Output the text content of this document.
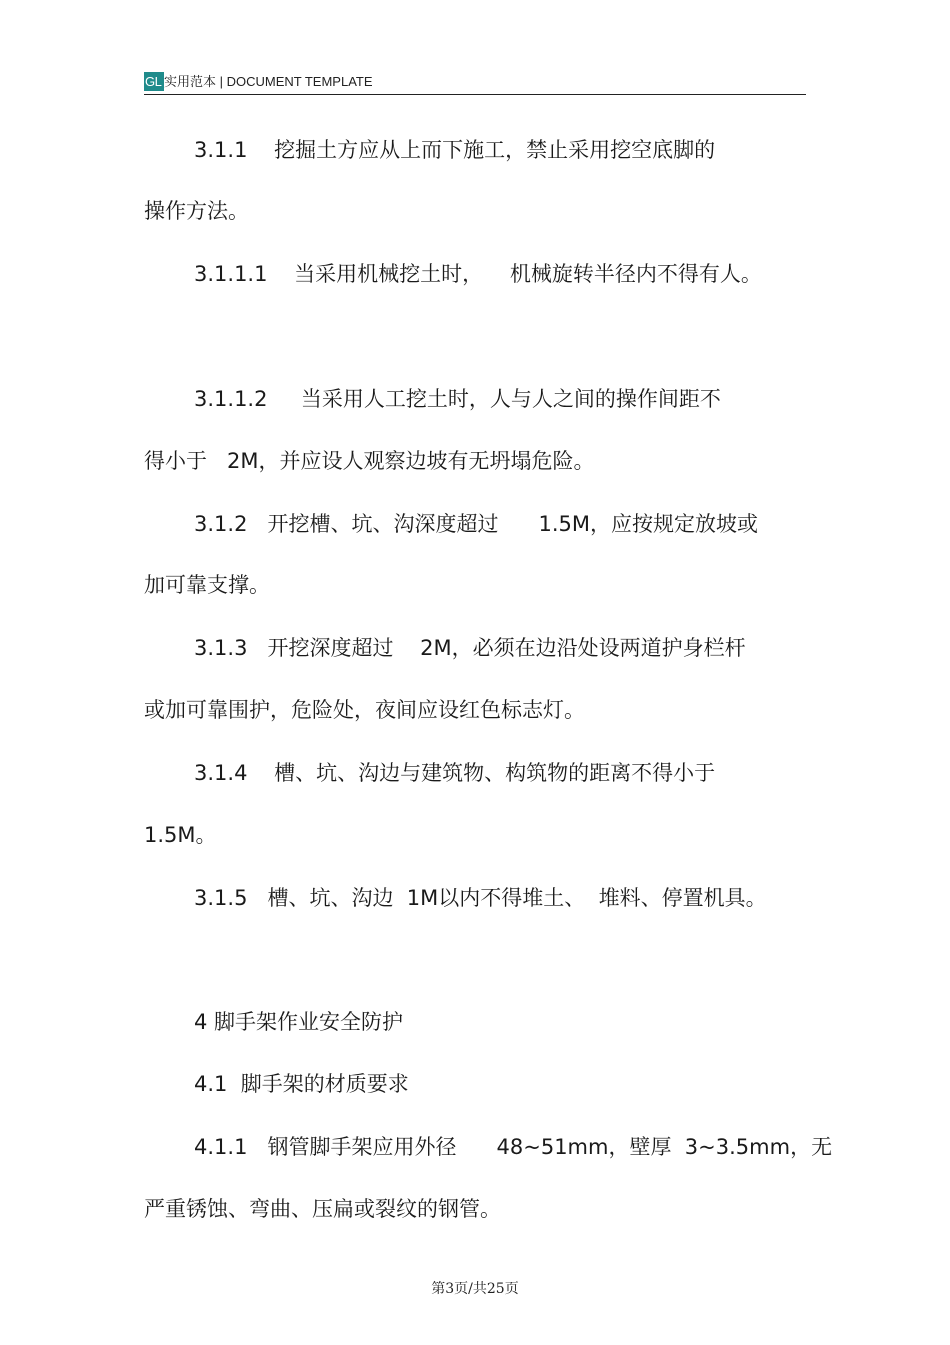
GL 实用范本 | DOCUMENT TEMPLATE
3.1.1    挖掘土方应从上而下施工，禁止采用挖空底脚的
操作方法。
3.1.1.1    当采用机械挖土时，    机械旋转半径内不得有人。
3.1.1.2     当采用人工挖土时，人与人之间的操作间距不
得小于   2M，并应设人观察边坡有无坍塌危险。
3.1.2   开挖槽、坑、沟深度超过      1.5M，应按规定放坡或
加可靠支撑。
3.1.3   开挖深度超过    2M，必须在边沿处设两道护身栏杆
或加可靠围护，危险处，夜间应设红色标志灯。
3.1.4    槽、坑、沟边与建筑物、构筑物的距离不得小于
1.5M。
3.1.5   槽、坑、沟边  1M以内不得堆土、  堆料、停置机具。
4 脚手架作业安全防护
4.1  脚手架的材质要求
4.1.1   钢管脚手架应用外径      48~51mm，壁厚  3~3.5mm，无
严重锈蚀、弯曲、压扁或裂纹的钢管。
第3页/共25页
